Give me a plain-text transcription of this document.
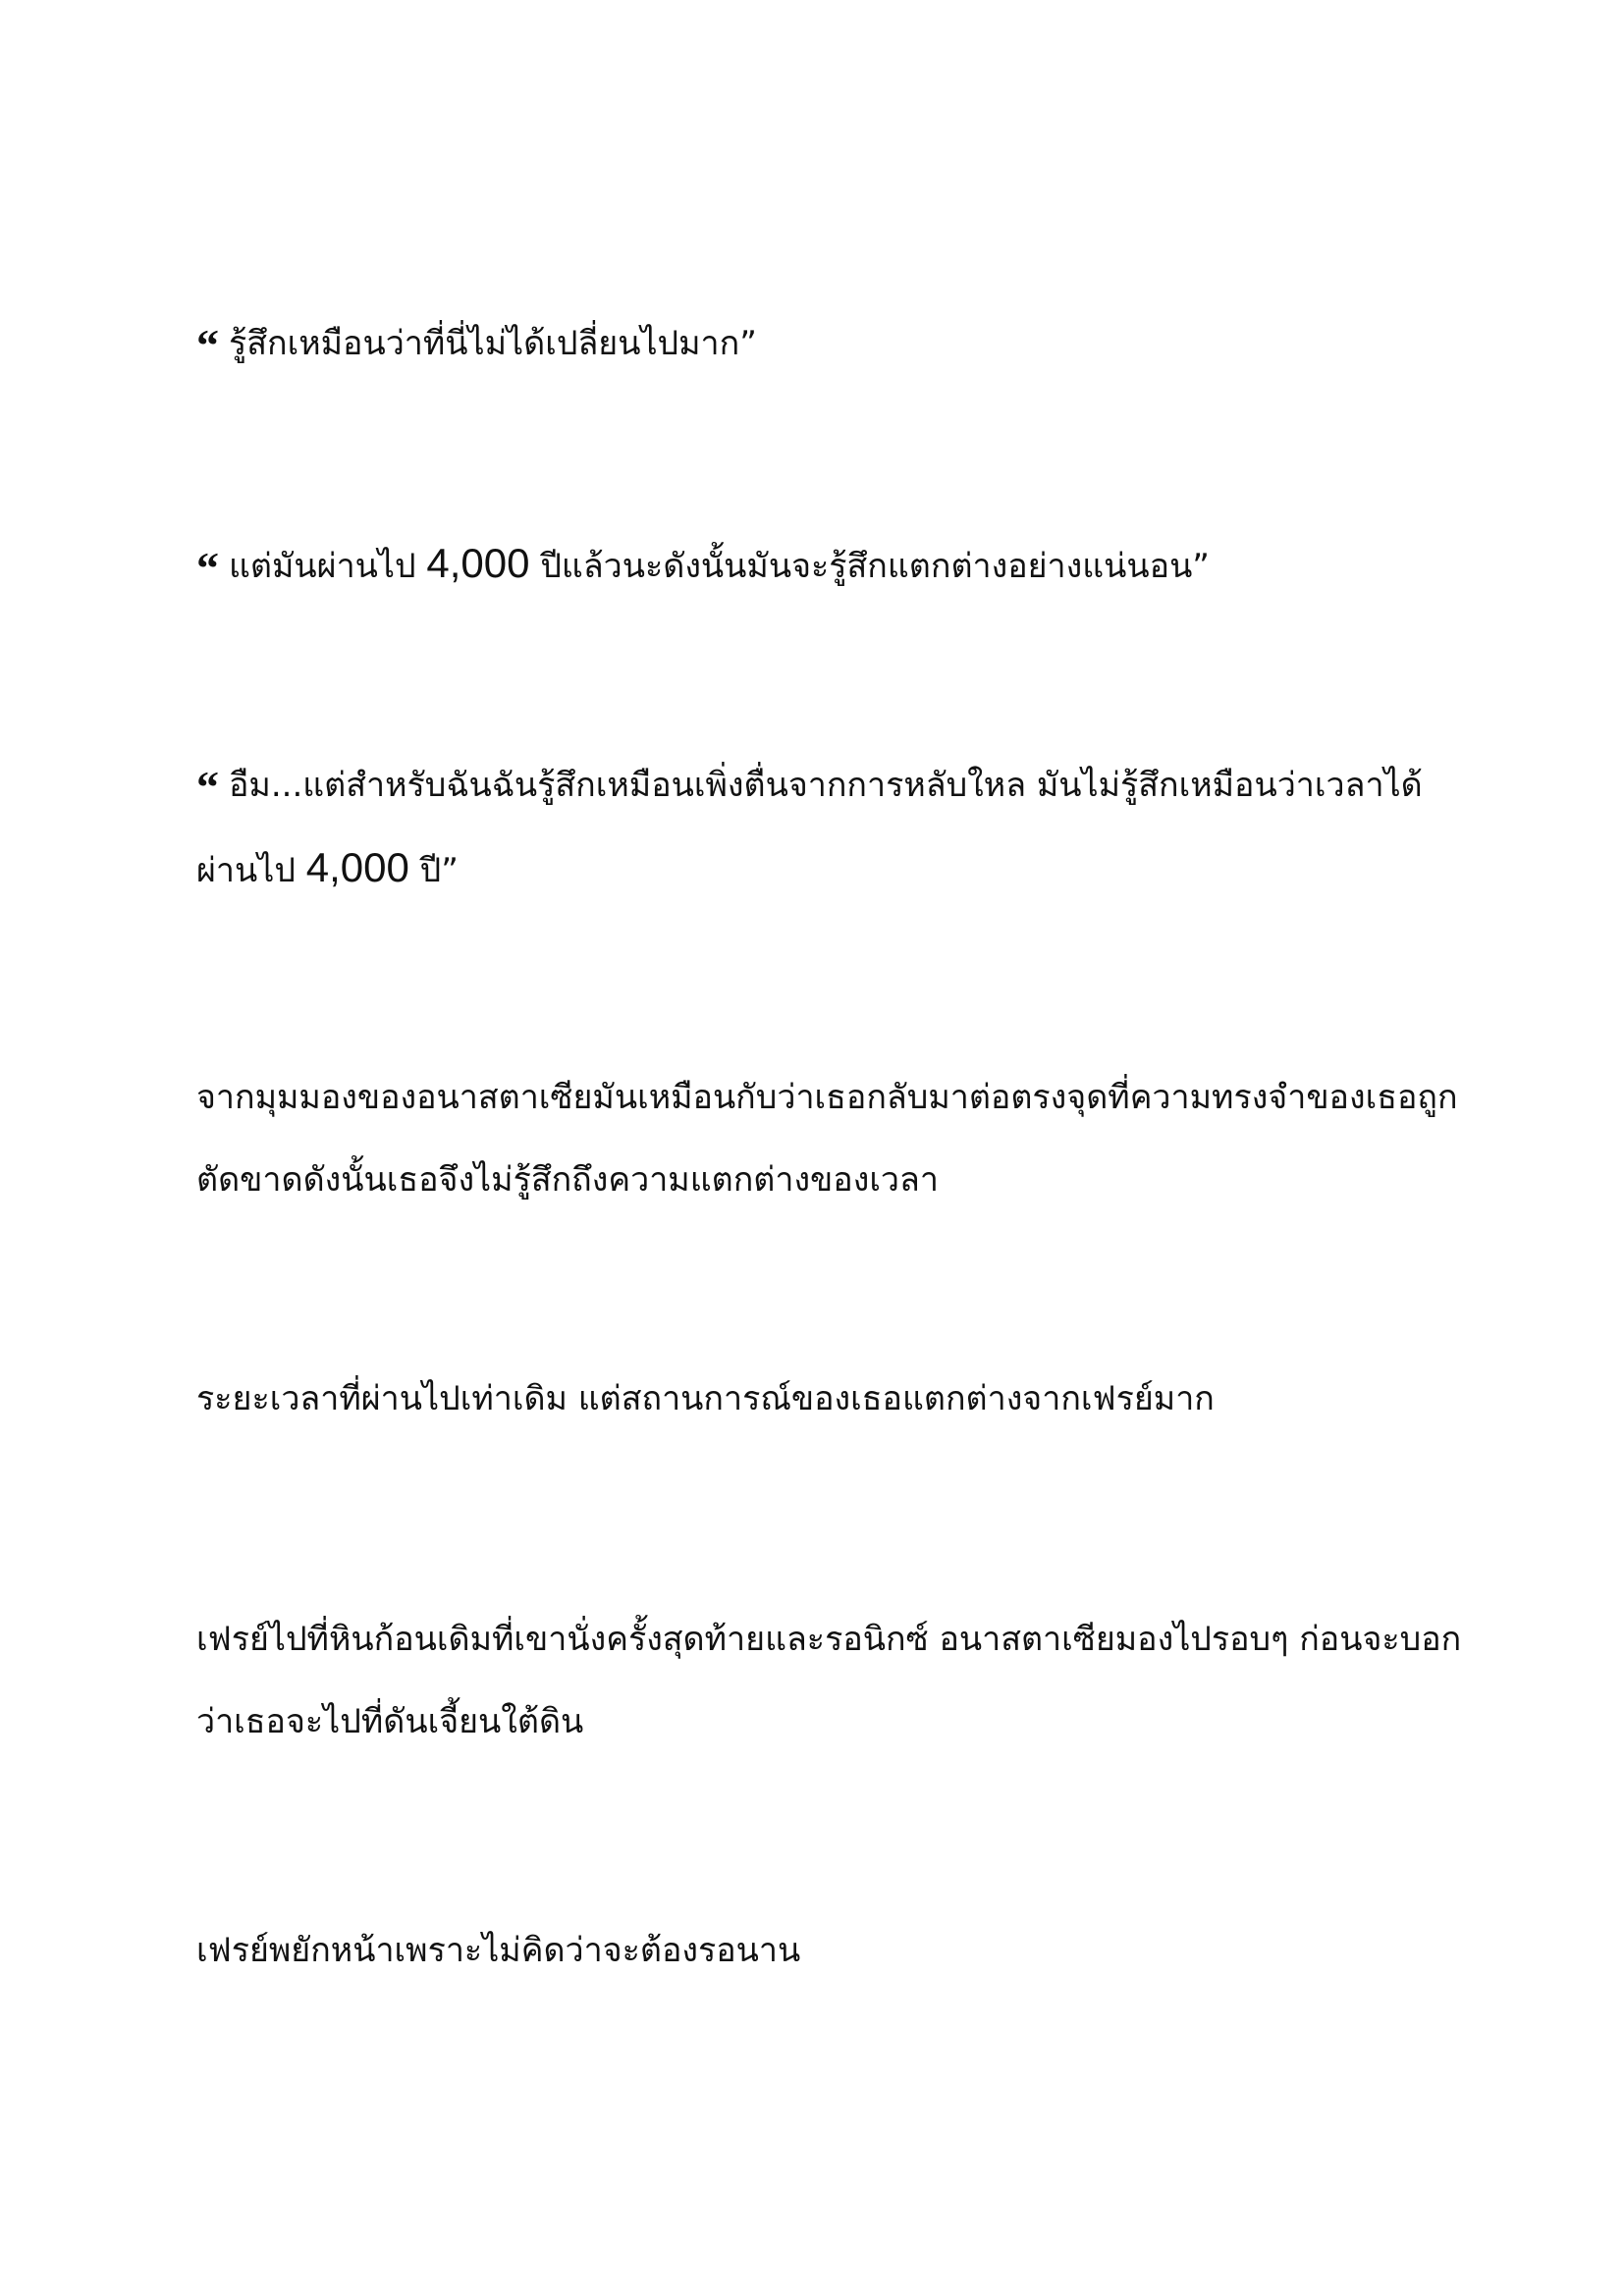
“ รู้สึกเหมือนว่าที่นี่ไม่ได้เปลี่ยนไปมาก”

“ แต่มันผ่านไป 4,000 ปีแล้วนะดังนั้นมันจะรู้สึกแตกต่างอย่างแน่นอน”

“ อืม...แต่สำหรับฉันฉันรู้สึกเหมือนเพิ่งตื่นจากการหลับใหล มันไม่รู้สึกเหมือนว่าเวลาได้ผ่านไป 4,000 ปี”

จากมุมมองของอนาสตาเซียมันเหมือนกับว่าเธอกลับมาต่อตรงจุดที่ความทรงจำของเธอถูกตัดขาดดังนั้นเธอจึงไม่รู้สึกถึงความแตกต่างของเวลา

ระยะเวลาที่ผ่านไปเท่าเดิม แต่สถานการณ์ของเธอแตกต่างจากเฟรย์มาก

เฟรย์ไปที่หินก้อนเดิมที่เขานั่งครั้งสุดท้ายและรอนิกซ์ อนาสตาเซียมองไปรอบๆ ก่อนจะบอกว่าเธอจะไปที่ดันเจี้ยนใต้ดิน

เฟรย์พยักหน้าเพราะไม่คิดว่าจะต้องรอนาน
